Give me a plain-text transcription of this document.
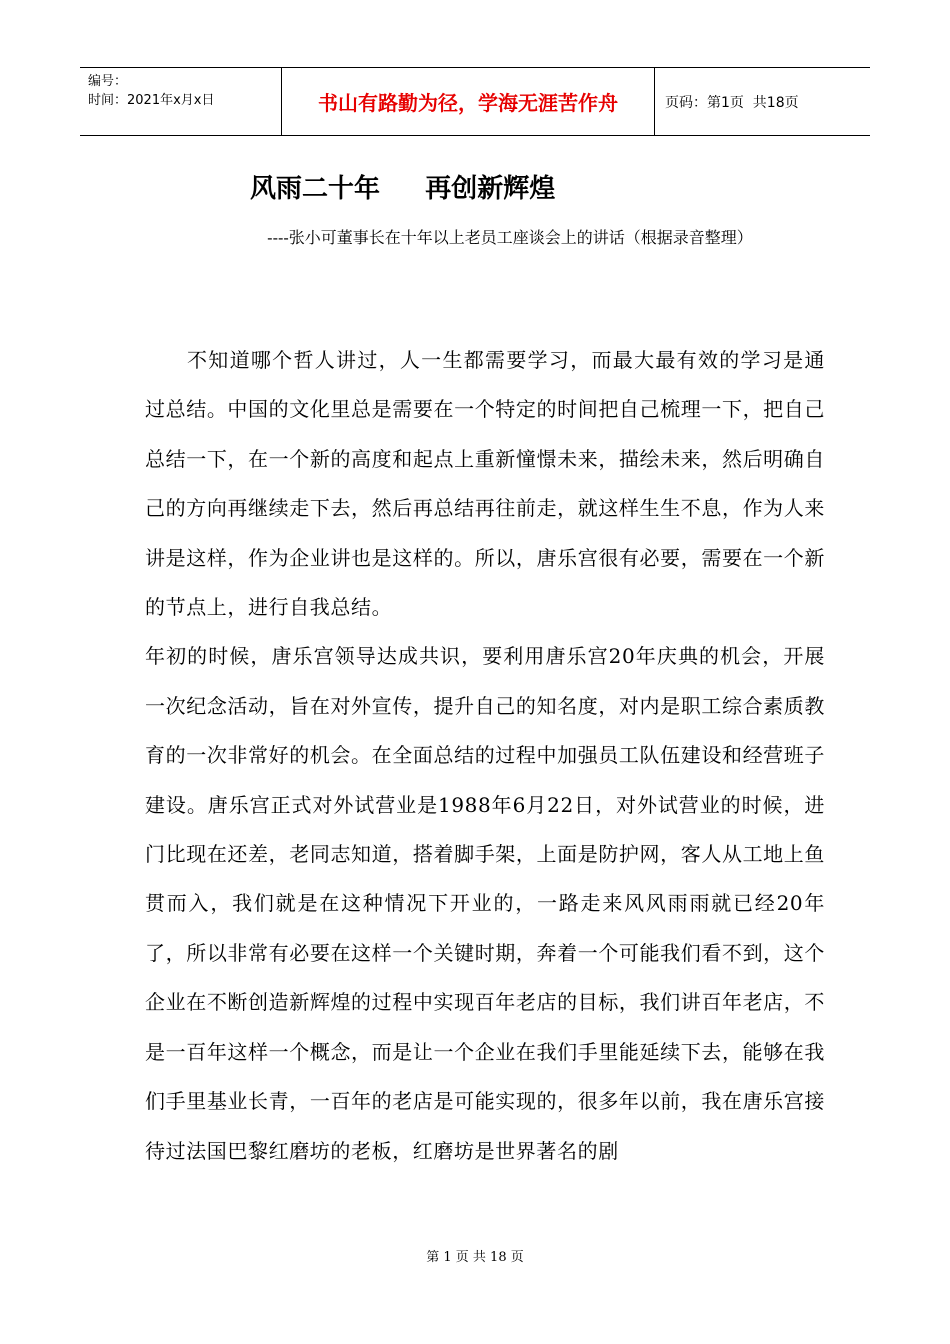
编号：
时间：2021年x月x日	书山有路勤为径，学海无涯苦作舟	页码：第1页  共18页
风雨二十年     再创新辉煌
----张小可董事长在十年以上老员工座谈会上的讲话（根据录音整理）

不知道哪个哲人讲过，人一生都需要学习，而最大最有效的学习是通过总结。中国的文化里总是需要在一个特定的时间把自己梳理一下，把自己总结一下，在一个新的高度和起点上重新憧憬未来，描绘未来，然后明确自己的方向再继续走下去，然后再总结再往前走，就这样生生不息，作为人来讲是这样，作为企业讲也是这样的。所以，唐乐宫很有必要，需要在一个新的节点上，进行自我总结。

年初的时候，唐乐宫领导达成共识，要利用唐乐宫20年庆典的机会，开展一次纪念活动，旨在对外宣传，提升自己的知名度，对内是职工综合素质教育的一次非常好的机会。在全面总结的过程中加强员工队伍建设和经营班子建设。唐乐宫正式对外试营业是1988年6月22日，对外试营业的时候，进门比现在还差，老同志知道，搭着脚手架，上面是防护网，客人从工地上鱼贯而入，我们就是在这种情况下开业的，一路走来风风雨雨就已经20年了，所以非常有必要在这样一个关键时期，奔着一个可能我们看不到，这个企业在不断创造新辉煌的过程中实现百年老店的目标，我们讲百年老店，不是一百年这样一个概念，而是让一个企业在我们手里能延续下去，能够在我们手里基业长青，一百年的老店是可能实现的，很多年以前，我在唐乐宫接待过法国巴黎红磨坊的老板，红磨坊是世界著名的剧

第 1 页 共 18 页
